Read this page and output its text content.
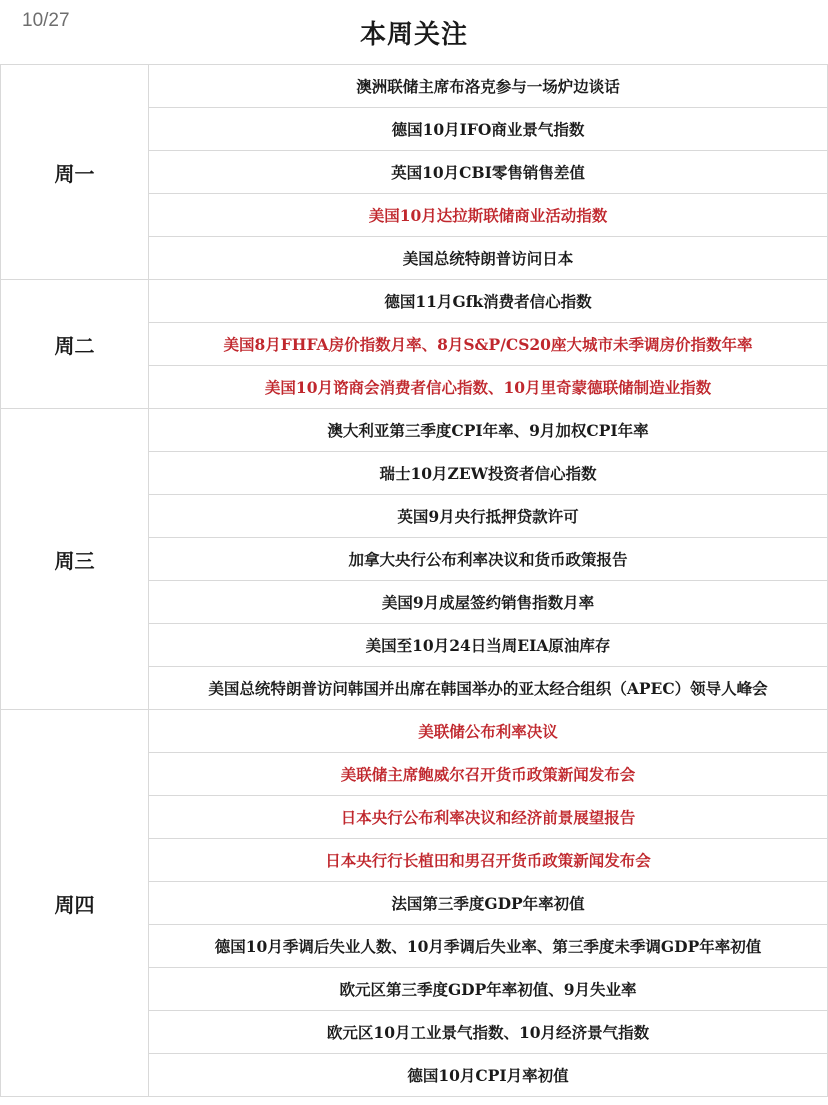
10/27	本周关注
周一	澳洲联储主席布洛克参与一场炉边谈话
	德国10月IFO商业景气指数
	英国10月CBI零售销售差值
	美国10月达拉斯联储商业活动指数
	美国总统特朗普访问日本
周二	德国11月Gfk消费者信心指数
	美国8月FHFA房价指数月率、8月S&P/CS20座大城市未季调房价指数年率
	美国10月谘商会消费者信心指数、10月里奇蒙德联储制造业指数
周三	澳大利亚第三季度CPI年率、9月加权CPI年率
	瑞士10月ZEW投资者信心指数
	英国9月央行抵押贷款许可
	加拿大央行公布利率决议和货币政策报告
	美国9月成屋签约销售指数月率
	美国至10月24日当周EIA原油库存
	美国总统特朗普访问韩国并出席在韩国举办的亚太经合组织（APEC）领导人峰会
周四	美联储公布利率决议
	美联储主席鲍威尔召开货币政策新闻发布会
	日本央行公布利率决议和经济前景展望报告
	日本央行行长植田和男召开货币政策新闻发布会
	法国第三季度GDP年率初值
	德国10月季调后失业人数、10月季调后失业率、第三季度未季调GDP年率初值
	欧元区第三季度GDP年率初值、9月失业率
	欧元区10月工业景气指数、10月经济景气指数
	德国10月CPI月率初值
